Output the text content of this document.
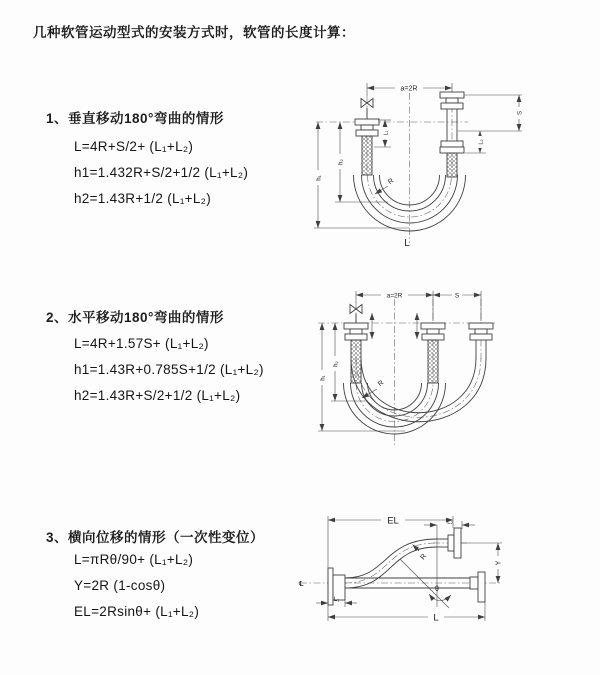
几种软管运动型式的安装方式时，软管的长度计算：
1、垂直移动180°弯曲的情形
L=4R+S/2+ (L₁+L₂)
h1=1.432R+S/2+1/2 (L₁+L₂)
h2=1.43R+1/2 (L₁+L₂)
2、水平移动180°弯曲的情形
L=4R+1.57S+ (L₁+L₂)
h1=1.43R+0.785S+1/2 (L₁+L₂)
h2=1.43R+S/2+1/2 (L₁+L₂)
3、横向位移的情形（一次性变位）
L=πRθ/90+ (L₁+L₂)
Y=2R (1-cosθ)
EL=2Rsinθ+ (L₁+L₂)
a=2R
h₁
h₂
L₁
S
L₂
R
L
a=2R	S
h₁
h₂
R
℄
EL	L₂
Y
θ
R
L
L₁
